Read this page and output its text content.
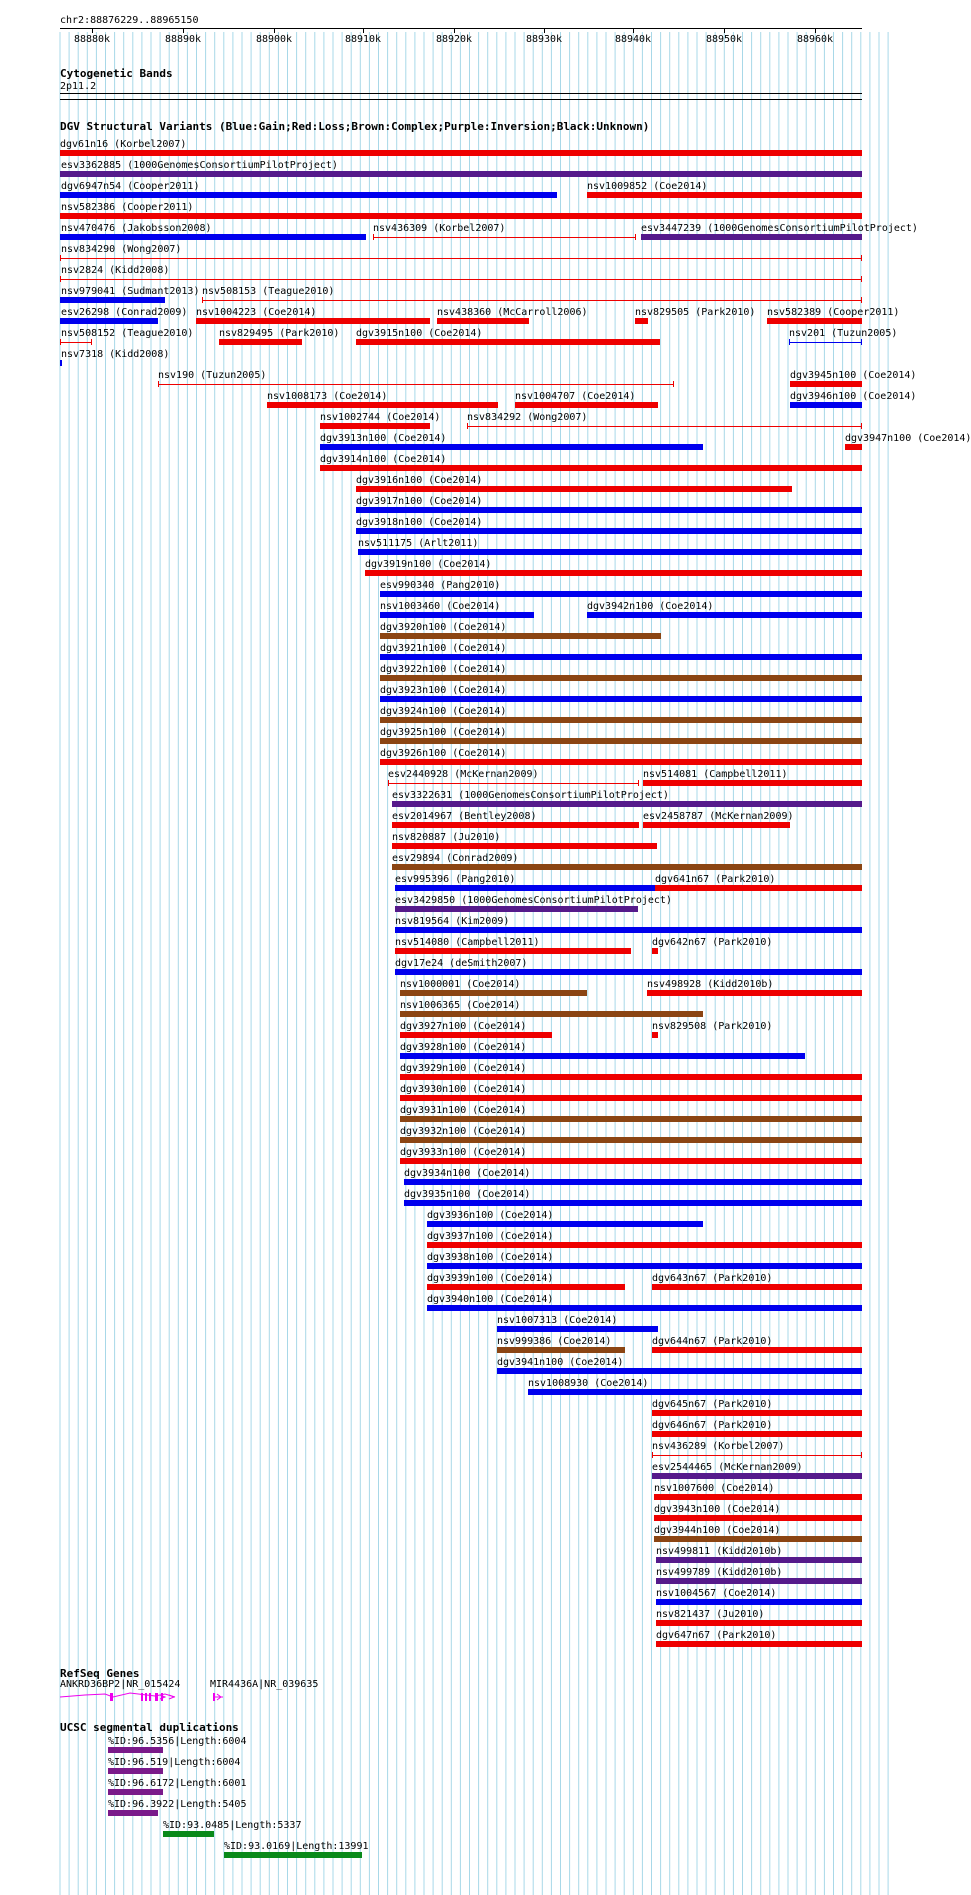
chr2:88876229..88965150
88880k	88890k	88900k	88910k	88920k	88930k	88940k	88950k	88960k
Cytogenetic Bands
2p11.2
DGV Structural Variants (Blue:Gain;Red:Loss;Brown:Complex;Purple:Inversion;Black:Unknown)
dgv61n16 (Korbel2007)
esv3362885 (1000GenomesConsortiumPilotProject)
dgv6947n54 (Cooper2011)	nsv1009852 (Coe2014)
nsv582386 (Cooper2011)
nsv470476 (Jakobsson2008)	nsv436309 (Korbel2007)	esv3447239 (1000GenomesConsortiumPilotProject)
nsv834290 (Wong2007)
nsv2824 (Kidd2008)
nsv979041 (Sudmant2013) nsv508153 (Teague2010)
esv26298 (Conrad2009) nsv1004223 (Coe2014)	nsv438360 (McCarroll2006)	nsv829505 (Park2010) nsv582389 (Cooper2011)
nsv508152 (Teague2010)	nsv829495 (Park2010) dgv3915n100 (Coe2014)	nsv201 (Tuzun2005)
nsv7318 (Kidd2008)
nsv190 (Tuzun2005)	dgv3945n100 (Coe2014)
nsv1008173 (Coe2014)	nsv1004707 (Coe2014)	dgv3946n100 (Coe2014)
nsv1002744 (Coe2014)	nsv834292 (Wong2007)
dgv3913n100 (Coe2014)	dgv3947n100 (Coe2014)
dgv3914n100 (Coe2014)
dgv3916n100 (Coe2014)
dgv3917n100 (Coe2014)
dgv3918n100 (Coe2014)
nsv511175 (Arlt2011)
dgv3919n100 (Coe2014)
esv990340 (Pang2010)
nsv1003460 (Coe2014)	dgv3942n100 (Coe2014)
dgv3920n100 (Coe2014)
dgv3921n100 (Coe2014)
dgv3922n100 (Coe2014)
dgv3923n100 (Coe2014)
dgv3924n100 (Coe2014)
dgv3925n100 (Coe2014)
dgv3926n100 (Coe2014)
esv2440928 (McKernan2009)	nsv514081 (Campbell2011)
esv3322631 (1000GenomesConsortiumPilotProject)
esv2014967 (Bentley2008)	esv2458787 (McKernan2009)
nsv820887 (Ju2010)
esv29894 (Conrad2009)
esv995396 (Pang2010)	dgv641n67 (Park2010)
esv3429850 (1000GenomesConsortiumPilotProject)
nsv819564 (Kim2009)
nsv514080 (Campbell2011)	dgv642n67 (Park2010)
dgv17e24 (deSmith2007)
nsv1000001 (Coe2014)	nsv498928 (Kidd2010b)
nsv1006365 (Coe2014)
dgv3927n100 (Coe2014)	nsv829508 (Park2010)
dgv3928n100 (Coe2014)
dgv3929n100 (Coe2014)
dgv3930n100 (Coe2014)
dgv3931n100 (Coe2014)
dgv3932n100 (Coe2014)
dgv3933n100 (Coe2014)
dgv3934n100 (Coe2014)
dgv3935n100 (Coe2014)
dgv3936n100 (Coe2014)
dgv3937n100 (Coe2014)
dgv3938n100 (Coe2014)
dgv3939n100 (Coe2014)	dgv643n67 (Park2010)
dgv3940n100 (Coe2014)
nsv1007313 (Coe2014)
nsv999386 (Coe2014)	dgv644n67 (Park2010)
dgv3941n100 (Coe2014)
nsv1008930 (Coe2014)
dgv645n67 (Park2010)
dgv646n67 (Park2010)
nsv436289 (Korbel2007)
esv2544465 (McKernan2009)
nsv1007600 (Coe2014)
dgv3943n100 (Coe2014)
dgv3944n100 (Coe2014)
nsv499811 (Kidd2010b)
nsv499789 (Kidd2010b)
nsv1004567 (Coe2014)
nsv821437 (Ju2010)
dgv647n67 (Park2010)
RefSeq Genes
ANKRD36BP2|NR_015424	MIR4436A|NR_039635
UCSC segmental duplications
%ID:96.5356|Length:6004
%ID:96.519|Length:6004
%ID:96.6172|Length:6001
%ID:96.3922|Length:5405
%ID:93.0485|Length:5337
%ID:93.0169|Length:13991
